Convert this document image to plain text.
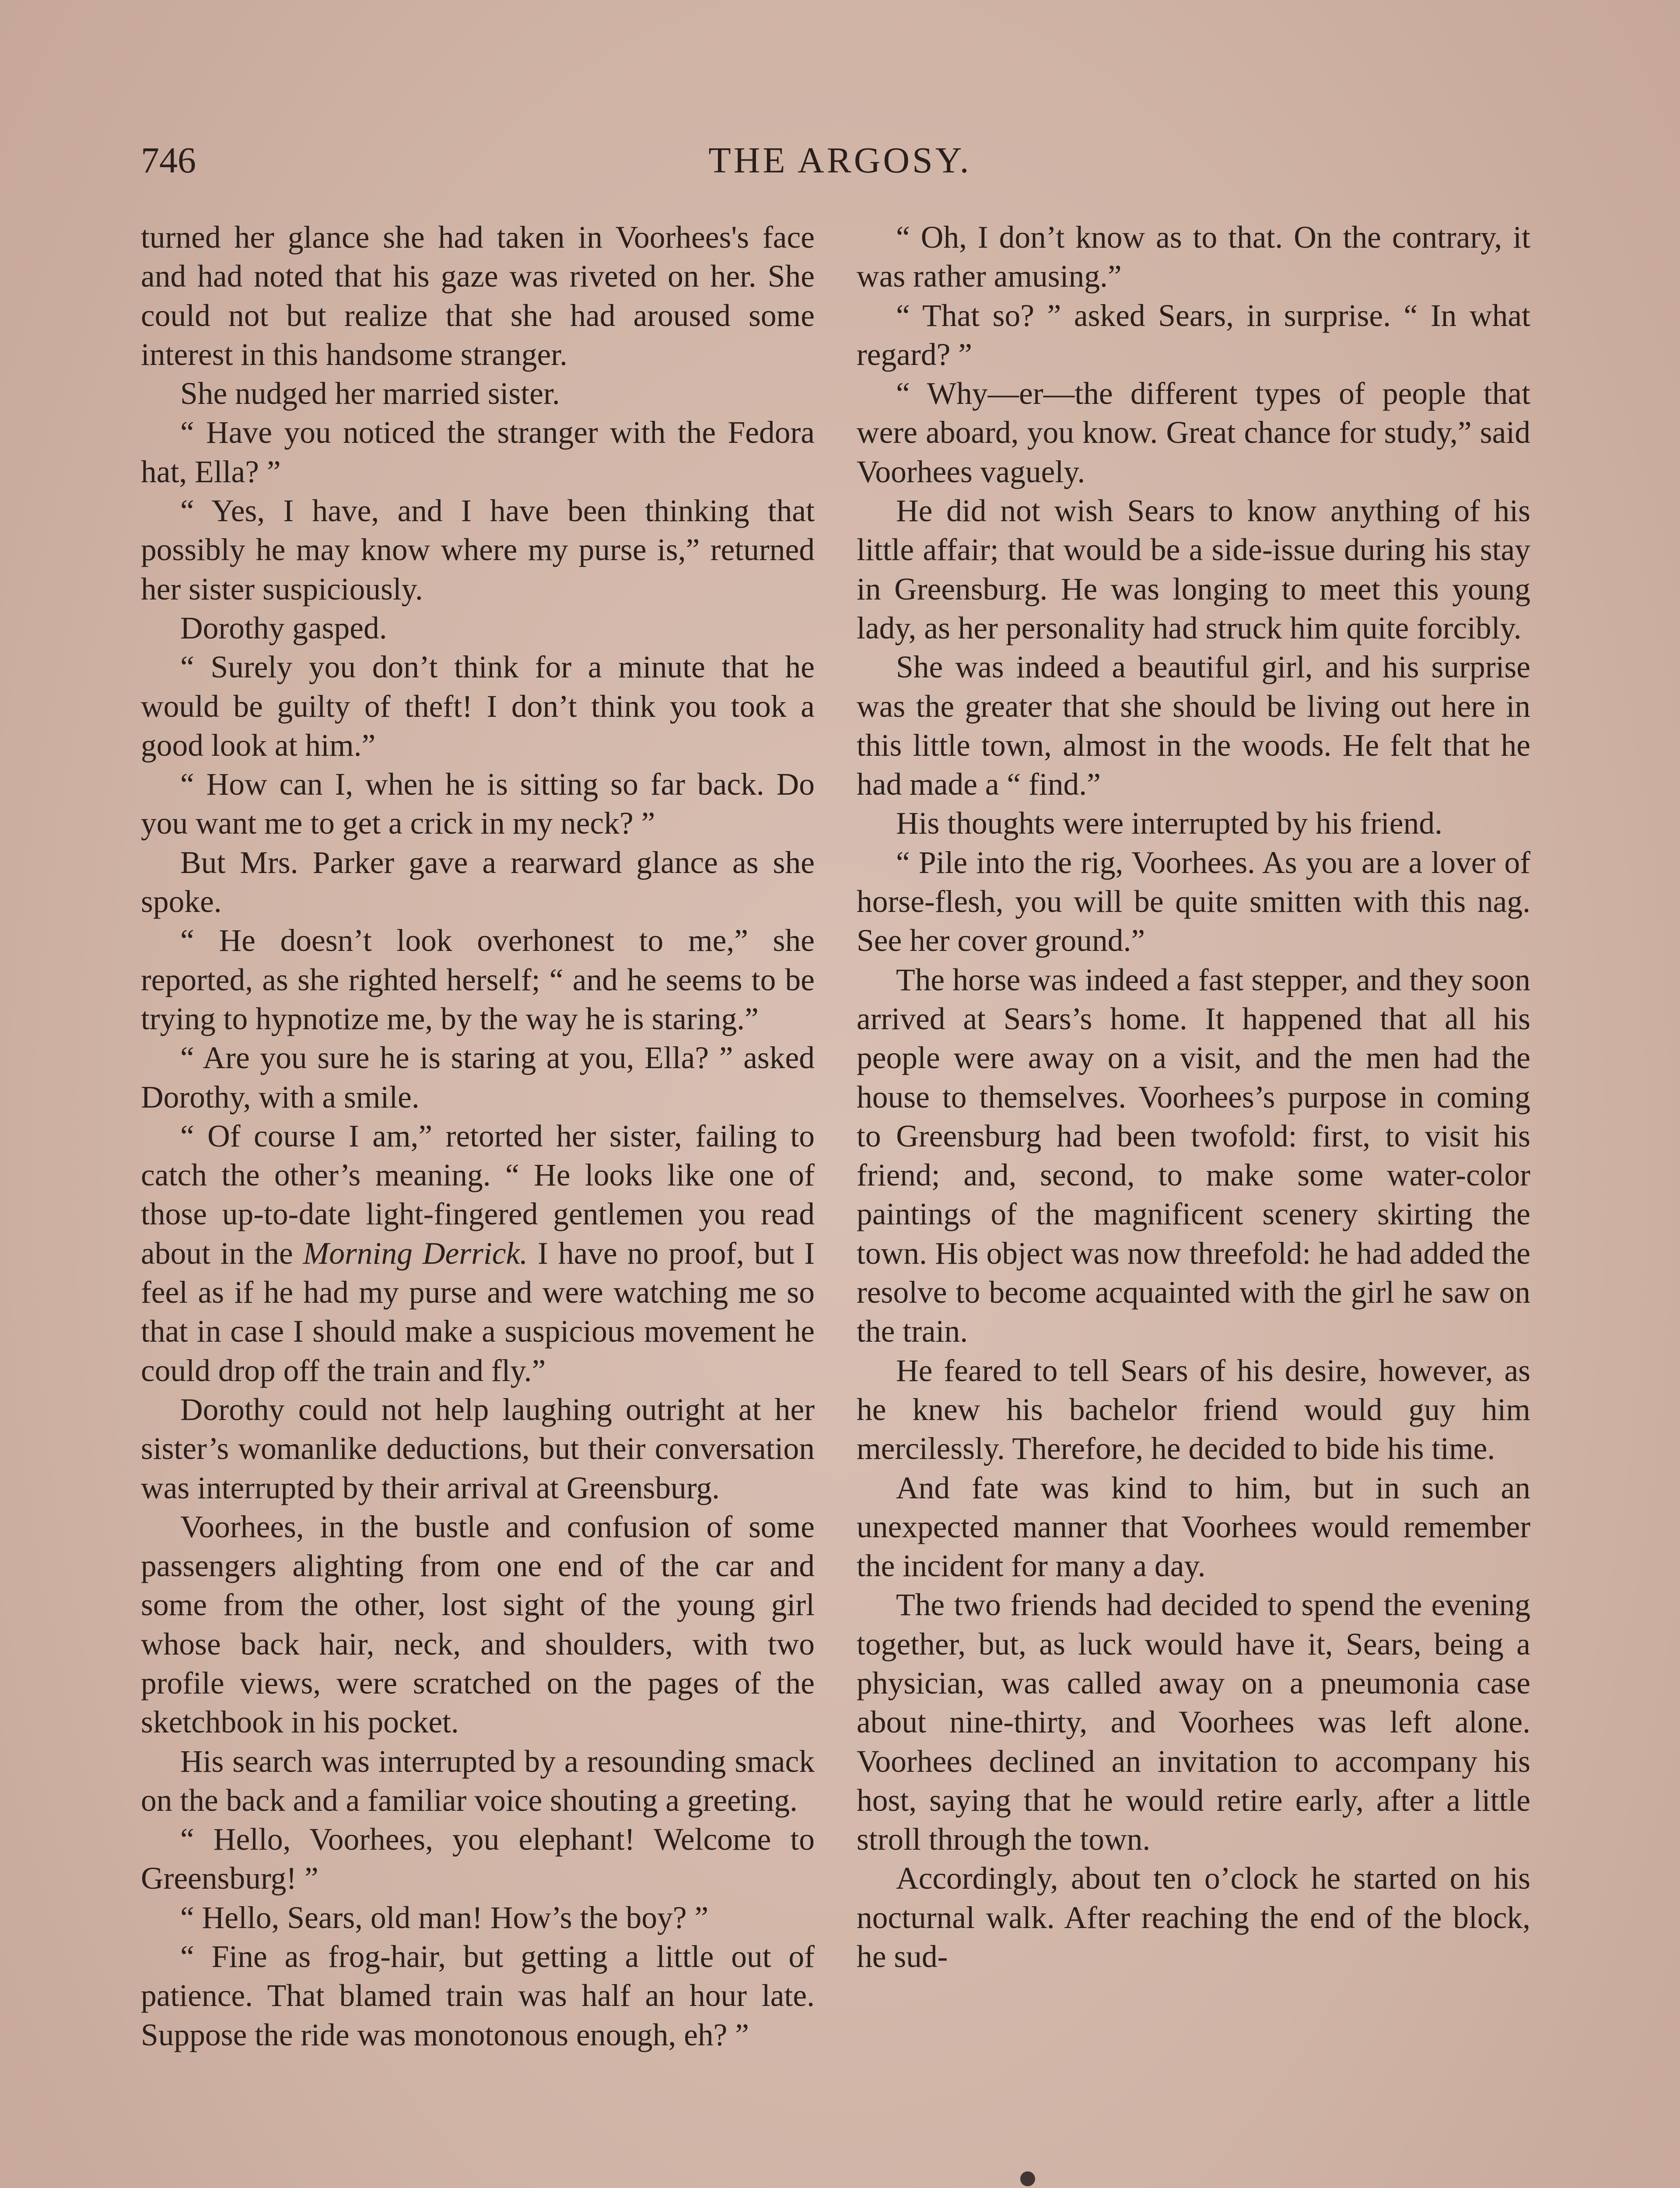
746	THE ARGOSY.

turned her glance she had taken in Voorhees's face and had noted that his gaze was riveted on her. She could not but realize that she had aroused some interest in this handsome stranger.

She nudged her married sister.

“ Have you noticed the stranger with the Fedora hat, Ella? ”

“ Yes, I have, and I have been thinking that possibly he may know where my purse is,” returned her sister suspiciously.

Dorothy gasped.

“ Surely you don’t think for a minute that he would be guilty of theft! I don’t think you took a good look at him.”

“ How can I, when he is sitting so far back. Do you want me to get a crick in my neck? ”

But Mrs. Parker gave a rearward glance as she spoke.

“ He doesn’t look overhonest to me,” she reported, as she righted herself; “ and he seems to be trying to hypnotize me, by the way he is staring.”

“ Are you sure he is staring at you, Ella? ” asked Dorothy, with a smile.

“ Of course I am,” retorted her sister, failing to catch the other’s meaning. “ He looks like one of those up-to-date light-fingered gentlemen you read about in the Morning Derrick. I have no proof, but I feel as if he had my purse and were watching me so that in case I should make a suspicious movement he could drop off the train and fly.”

Dorothy could not help laughing outright at her sister’s womanlike deductions, but their conversation was interrupted by their arrival at Greensburg.

Voorhees, in the bustle and confusion of some passengers alighting from one end of the car and some from the other, lost sight of the young girl whose back hair, neck, and shoulders, with two profile views, were scratched on the pages of the sketchbook in his pocket.

His search was interrupted by a resounding smack on the back and a familiar voice shouting a greeting.

“ Hello, Voorhees, you elephant! Welcome to Greensburg! ”

“ Hello, Sears, old man! How’s the boy? ”

“ Fine as frog-hair, but getting a little out of patience. That blamed train was half an hour late. Suppose the ride was monotonous enough, eh? ”

“ Oh, I don’t know as to that. On the contrary, it was rather amusing.”

“ That so? ” asked Sears, in surprise. “ In what regard? ”

“ Why—er—the different types of people that were aboard, you know. Great chance for study,” said Voorhees vaguely.

He did not wish Sears to know anything of his little affair; that would be a side-issue during his stay in Greensburg. He was longing to meet this young lady, as her personality had struck him quite forcibly.

She was indeed a beautiful girl, and his surprise was the greater that she should be living out here in this little town, almost in the woods. He felt that he had made a “ find.”

His thoughts were interrupted by his friend.

“ Pile into the rig, Voorhees. As you are a lover of horse-flesh, you will be quite smitten with this nag. See her cover ground.”

The horse was indeed a fast stepper, and they soon arrived at Sears’s home. It happened that all his people were away on a visit, and the men had the house to themselves. Voorhees’s purpose in coming to Greensburg had been twofold: first, to visit his friend; and, second, to make some water-color paintings of the magnificent scenery skirting the town. His object was now threefold: he had added the resolve to become acquainted with the girl he saw on the train.

He feared to tell Sears of his desire, however, as he knew his bachelor friend would guy him mercilessly. Therefore, he decided to bide his time.

And fate was kind to him, but in such an unexpected manner that Voorhees would remember the incident for many a day.

The two friends had decided to spend the evening together, but, as luck would have it, Sears, being a physician, was called away on a pneumonia case about nine-thirty, and Voorhees was left alone. Voorhees declined an invitation to accompany his host, saying that he would retire early, after a little stroll through the town.

Accordingly, about ten o’clock he started on his nocturnal walk. After reaching the end of the block, he sud-
